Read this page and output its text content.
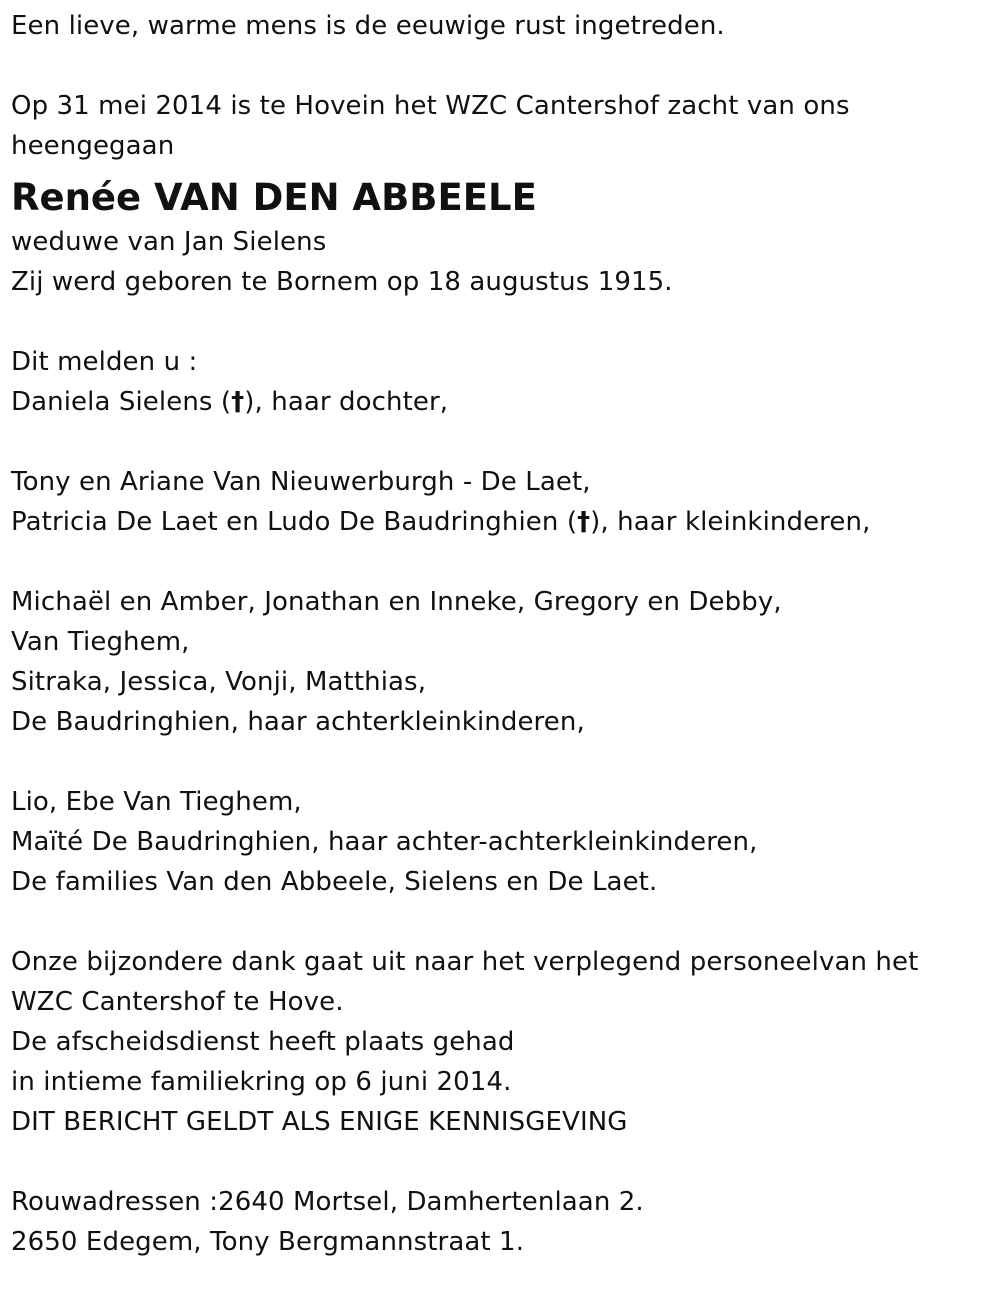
Een lieve, warme mens is de eeuwige rust ingetreden.
Op 31 mei 2014 is te Hovein het WZC Cantershof zacht van ons
heengegaan
Renée VAN DEN ABBEELE
weduwe van Jan Sielens
Zij werd geboren te Bornem op 18 augustus 1915.
Dit melden u :
Daniela Sielens (†), haar dochter,
Tony en Ariane Van Nieuwerburgh - De Laet,
Patricia De Laet en Ludo De Baudringhien (†), haar kleinkinderen,
Michaël en Amber, Jonathan en Inneke, Gregory en Debby,
Van Tieghem,
Sitraka, Jessica, Vonji, Matthias,
De Baudringhien, haar achterkleinkinderen,
Lio, Ebe Van Tieghem,
Maïté De Baudringhien, haar achter-achterkleinkinderen,
De families Van den Abbeele, Sielens en De Laet.
Onze bijzondere dank gaat uit naar het verplegend personeelvan het
WZC Cantershof te Hove.
De afscheidsdienst heeft plaats gehad
in intieme familiekring op 6 juni 2014.
DIT BERICHT GELDT ALS ENIGE KENNISGEVING
Rouwadressen :2640 Mortsel, Damhertenlaan 2.
2650 Edegem, Tony Bergmannstraat 1.
